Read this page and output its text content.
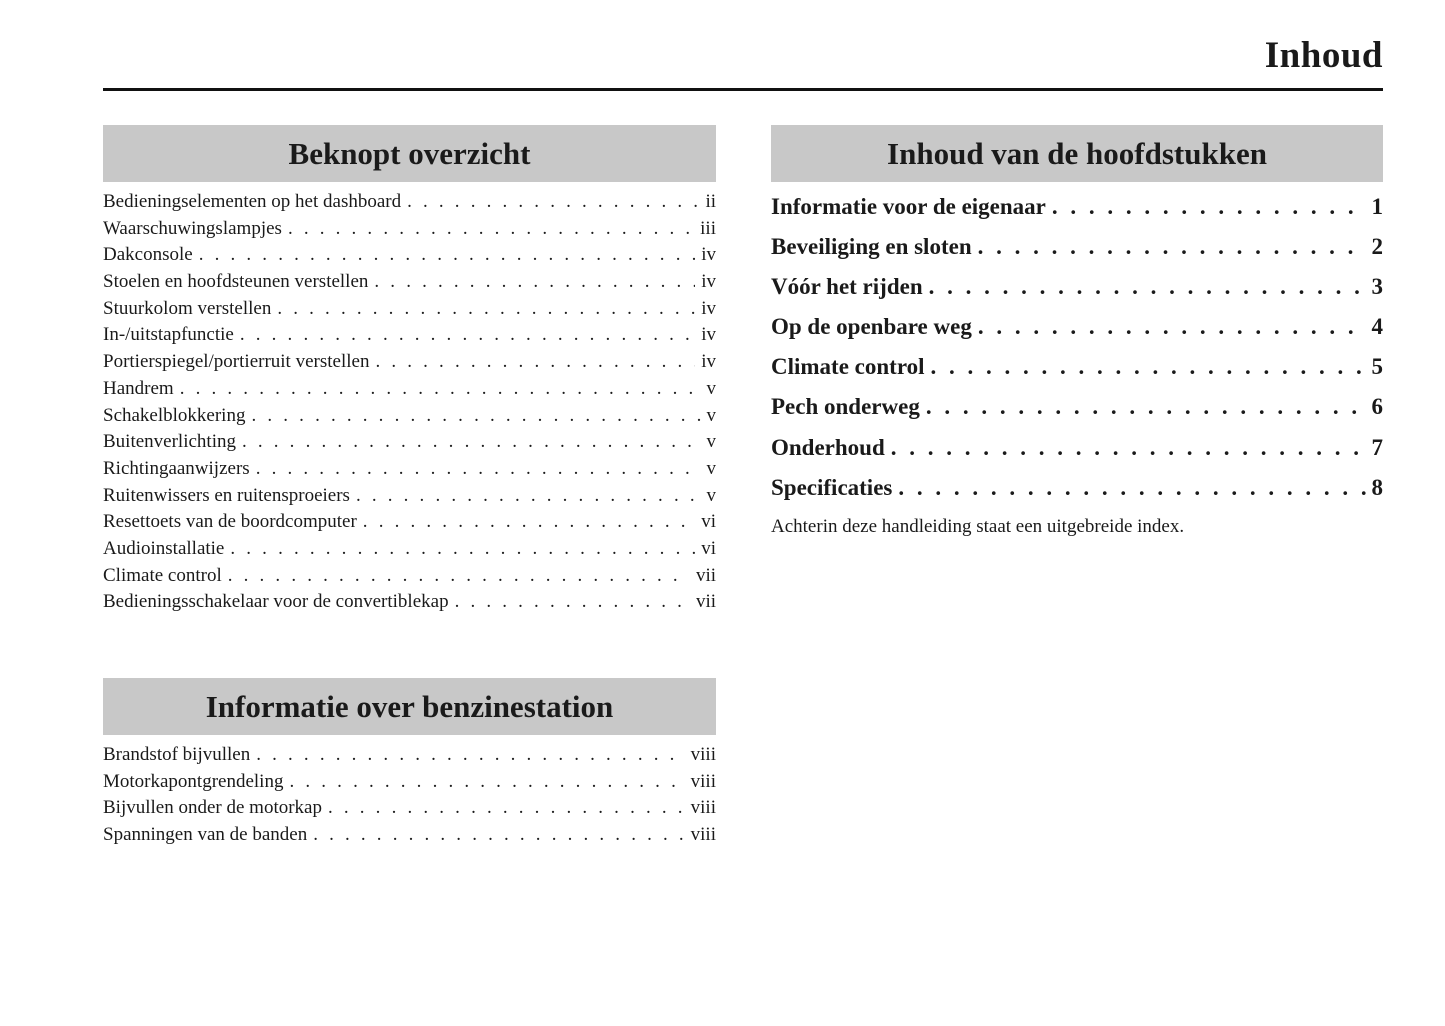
Inhoud
Beknopt overzicht
Bedieningselementen op het dashboard . . .	ii
Waarschuwingslampjes . . .	iii
Dakconsole . . .	iv
Stoelen en hoofdsteunen verstellen . . .	iv
Stuurkolom verstellen . . .	iv
In-/uitstapfunctie . . .	iv
Portierspiegel/portierruit verstellen . . .	iv
Handrem . . .	v
Schakelblokkering . . .	v
Buitenverlichting . . .	v
Richtingaanwijzers . . .	v
Ruitenwissers en ruitensproeiers . . .	v
Resettoets van de boordcomputer . . .	vi
Audioinstallatie . . .	vi
Climate control . . .	vii
Bedieningsschakelaar voor de convertiblekap . . .	vii
Informatie over benzinestation
Brandstof bijvullen . . .	viii
Motorkapontgrendeling . . .	viii
Bijvullen onder de motorkap . . .	viii
Spanningen van de banden . . .	viii
Inhoud van de hoofdstukken
Informatie voor de eigenaar . . .	1
Beveiliging en sloten . . .	2
Vóór het rijden . . .	3
Op de openbare weg . . .	4
Climate control . . .	5
Pech onderweg . . .	6
Onderhoud . . .	7
Specificaties . . .	8
Achterin deze handleiding staat een uitgebreide index.
